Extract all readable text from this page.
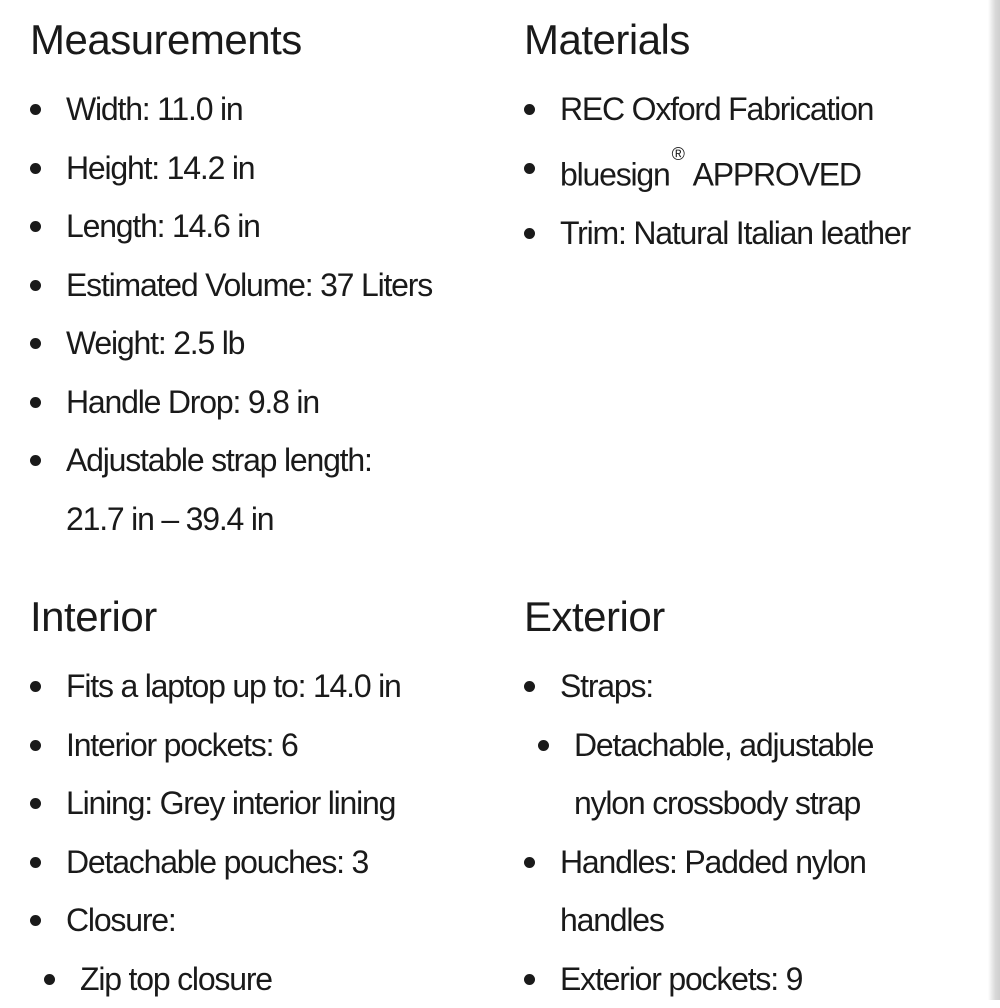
Measurements
Width: 11.0 in
Height: 14.2 in
Length: 14.6 in
Estimated Volume: 37 Liters
Weight: 2.5 lb
Handle Drop: 9.8 in
Adjustable strap length:
21.7 in – 39.4 in
Materials
REC Oxford Fabrication
bluesign® APPROVED
Trim: Natural Italian leather
Interior
Fits a laptop up to: 14.0 in
Interior pockets: 6
Lining: Grey interior lining
Detachable pouches: 3
Closure:
Zip top closure
Exterior
Straps:
Detachable, adjustable
nylon crossbody strap
Handles: Padded nylon
handles
Exterior pockets: 9
